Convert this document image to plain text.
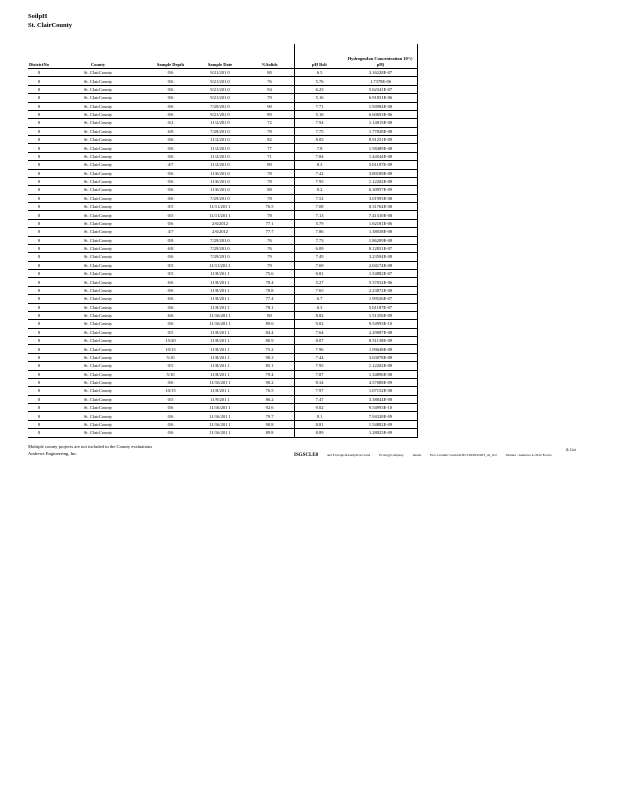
SoilpH
St. ClairCounty
DistrictNo	County	Sample Depth	Sample Date	%Solids	pH Rslt	HydrogenIon Concentration 10^(-pH)
8	St. ClairCounty	0/6	9/21/201 0	80	6.5	3.16228E-07
8	St. ClairCounty	0/6	9/21/201 0	76	5.76	1.7378E-06
8	St. ClairCounty	0/6	9/21/201 0	94	6.25	5.62341E-07
8	St. ClairCounty	0/6	9/21/201 0	79	5.16	6.91831E-06
8	St. ClairCounty	0/6	7/29/201 0	90	7.71	1.94984E-08
8	St. ClairCounty	0/6	9/21/201 0	89	5.18	6.60693E-06
8	St. ClairCounty	0/2	11/2/201 0	72	7.94	1.14815E-08
8	St. ClairCounty	6/8	7/29/201 0	78	7.75	1.77828E-08
8	St. ClairCounty	0/6	11/2/201 0	82	8.05	8.91251E-09
8	St. ClairCounty	0/6	11/2/201 0	77	7.8	1.58489E-08
8	St. ClairCounty	0/6	11/2/201 0	71	7.84	1.44544E-08
8	St. ClairCounty	4/7	11/2/201 0	80	8.3	5.01187E-09
8	St. ClairCounty	0/6	11/6/201 0	78	7.42	3.80189E-08
8	St. ClairCounty	0/6	11/6/201 0	78	7.95	1.12202E-08
8	St. ClairCounty	0/6	11/6/201 0	88	8.2	6.30957E-09
8	St. ClairCounty	0/6	7/29/201 0	78	7.52	3.01995E-08
8	St. ClairCounty	0/5	11/11/201 1	76.5	7.08	8.31764E-08
8	St. ClairCounty	0/5	11/11/201 1	78	7.13	7.41310E-08
8	St. ClairCounty	0/6	2/6/2012	77.1	5.79	1.62181E-06
8	St. ClairCounty	4/7	2/6/2012	77.7	7.86	1.38038E-08
8	St. ClairCounty	0/8	7/29/201 0	76	7.73	1.86209E-08
8	St. ClairCounty	6/8	7/29/201 0	76	6.09	8.12831E-07
8	St. ClairCounty	0/6	7/29/201 0	79	7.49	3.23594E-08
8	St. ClairCounty	0/5	11/11/201 1	79	7.69	2.04174E-08
8	St. ClairCounty	0/5	11/8/201 1	75.6	6.81	1.54882E-07
8	St. ClairCounty	6/6	11/8/201 1	78.4	5.27	5.37032E-06
8	St. ClairCounty	0/6	11/8/201 1	78.8	7.65	2.23872E-08
8	St. ClairCounty	6/6	11/8/201 1	77.4	6.7	1.99526E-07
8	St. ClairCounty	0/6	11/8/201 1	78.1	6.3	5.01187E-07
8	St. ClairCounty	6/6	11/16/201 1	80	8.82	1.51356E-09
8	St. ClairCounty	0/6	11/16/201 1	89.6	9.02	9.54993E-10
8	St. ClairCounty	0/5	11/8/201 1	84.4	7.64	2.29087E-08
8	St. ClairCounty	15/20	11/8/201 1	80.9	8.07	8.51138E-09
8	St. ClairCounty	10/15	11/8/201 1	75.2	7.96	1.09648E-08
8	St. ClairCounty	5/10	11/8/201 1	90.3	7.44	3.63078E-08
8	St. ClairCounty	0/5	11/8/201 1	85.1	7.95	1.12202E-08
8	St. ClairCounty	5/10	11/8/201 1	79.4	7.87	1.34896E-08
8	St. ClairCounty	0/6	11/16/201 1	90.2	8.34	4.57088E-09
8	St. ClairCounty	10/15	11/8/201 1	76.5	7.97	1.07152E-08
8	St. ClairCounty	0/5	11/9/201 1	86.2	7.47	3.38844E-08
8	St. ClairCounty	0/6	11/16/201 1	92.6	9.02	9.54993E-10
8	St. ClairCounty	0/6	11/16/201 1	79.7	8.1	7.94328E-09
8	St. ClairCounty	0/6	11/16/201 1	90.8	8.81	1.54882E-09
8	St. ClairCounty	0/6	11/16/201 1	89.8	8.89	1.28825E-09

Multiple county projects are not included in the County evaluations
Andrews Engineering, Inc.
& Cuir
ISGSCLE8	and EcologicalAnalytical Conal	EcologyCompany	Inome	Elco Ceramic Gcularls/NCCDDN/IDOT_ch_0c2	Wenner / Andrews 4.18.22 Ecolco
